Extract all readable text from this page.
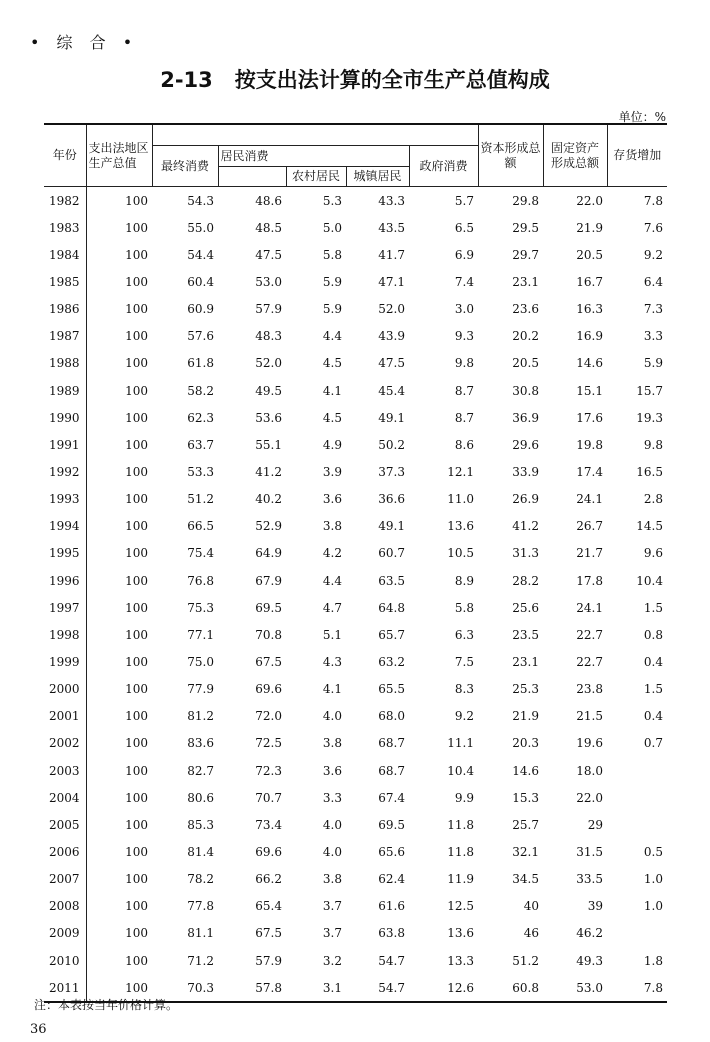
• 综 合 •
2-13 按支出法计算的全市生产总值构成
单位：%
年份	支出法地区生产总值						资本形成总额	固定资产形成总额	存货增加
		最终消费	居民消费			政府消费			
				农村居民	城镇居民				
1982	100	54.3	48.6	5.3	43.3	5.7	29.8	22.0	7.8
1983	100	55.0	48.5	5.0	43.5	6.5	29.5	21.9	7.6
1984	100	54.4	47.5	5.8	41.7	6.9	29.7	20.5	9.2
1985	100	60.4	53.0	5.9	47.1	7.4	23.1	16.7	6.4
1986	100	60.9	57.9	5.9	52.0	3.0	23.6	16.3	7.3
1987	100	57.6	48.3	4.4	43.9	9.3	20.2	16.9	3.3
1988	100	61.8	52.0	4.5	47.5	9.8	20.5	14.6	5.9
1989	100	58.2	49.5	4.1	45.4	8.7	30.8	15.1	15.7
1990	100	62.3	53.6	4.5	49.1	8.7	36.9	17.6	19.3
1991	100	63.7	55.1	4.9	50.2	8.6	29.6	19.8	9.8
1992	100	53.3	41.2	3.9	37.3	12.1	33.9	17.4	16.5
1993	100	51.2	40.2	3.6	36.6	11.0	26.9	24.1	2.8
1994	100	66.5	52.9	3.8	49.1	13.6	41.2	26.7	14.5
1995	100	75.4	64.9	4.2	60.7	10.5	31.3	21.7	9.6
1996	100	76.8	67.9	4.4	63.5	8.9	28.2	17.8	10.4
1997	100	75.3	69.5	4.7	64.8	5.8	25.6	24.1	1.5
1998	100	77.1	70.8	5.1	65.7	6.3	23.5	22.7	0.8
1999	100	75.0	67.5	4.3	63.2	7.5	23.1	22.7	0.4
2000	100	77.9	69.6	4.1	65.5	8.3	25.3	23.8	1.5
2001	100	81.2	72.0	4.0	68.0	9.2	21.9	21.5	0.4
2002	100	83.6	72.5	3.8	68.7	11.1	20.3	19.6	0.7
2003	100	82.7	72.3	3.6	68.7	10.4	14.6	18.0	
2004	100	80.6	70.7	3.3	67.4	9.9	15.3	22.0	
2005	100	85.3	73.4	4.0	69.5	11.8	25.7	29	
2006	100	81.4	69.6	4.0	65.6	11.8	32.1	31.5	0.5
2007	100	78.2	66.2	3.8	62.4	11.9	34.5	33.5	1.0
2008	100	77.8	65.4	3.7	61.6	12.5	40	39	1.0
2009	100	81.1	67.5	3.7	63.8	13.6	46	46.2	
2010	100	71.2	57.9	3.2	54.7	13.3	51.2	49.3	1.8
2011	100	70.3	57.8	3.1	54.7	12.6	60.8	53.0	7.8
注：本表按当年价格计算。
36
